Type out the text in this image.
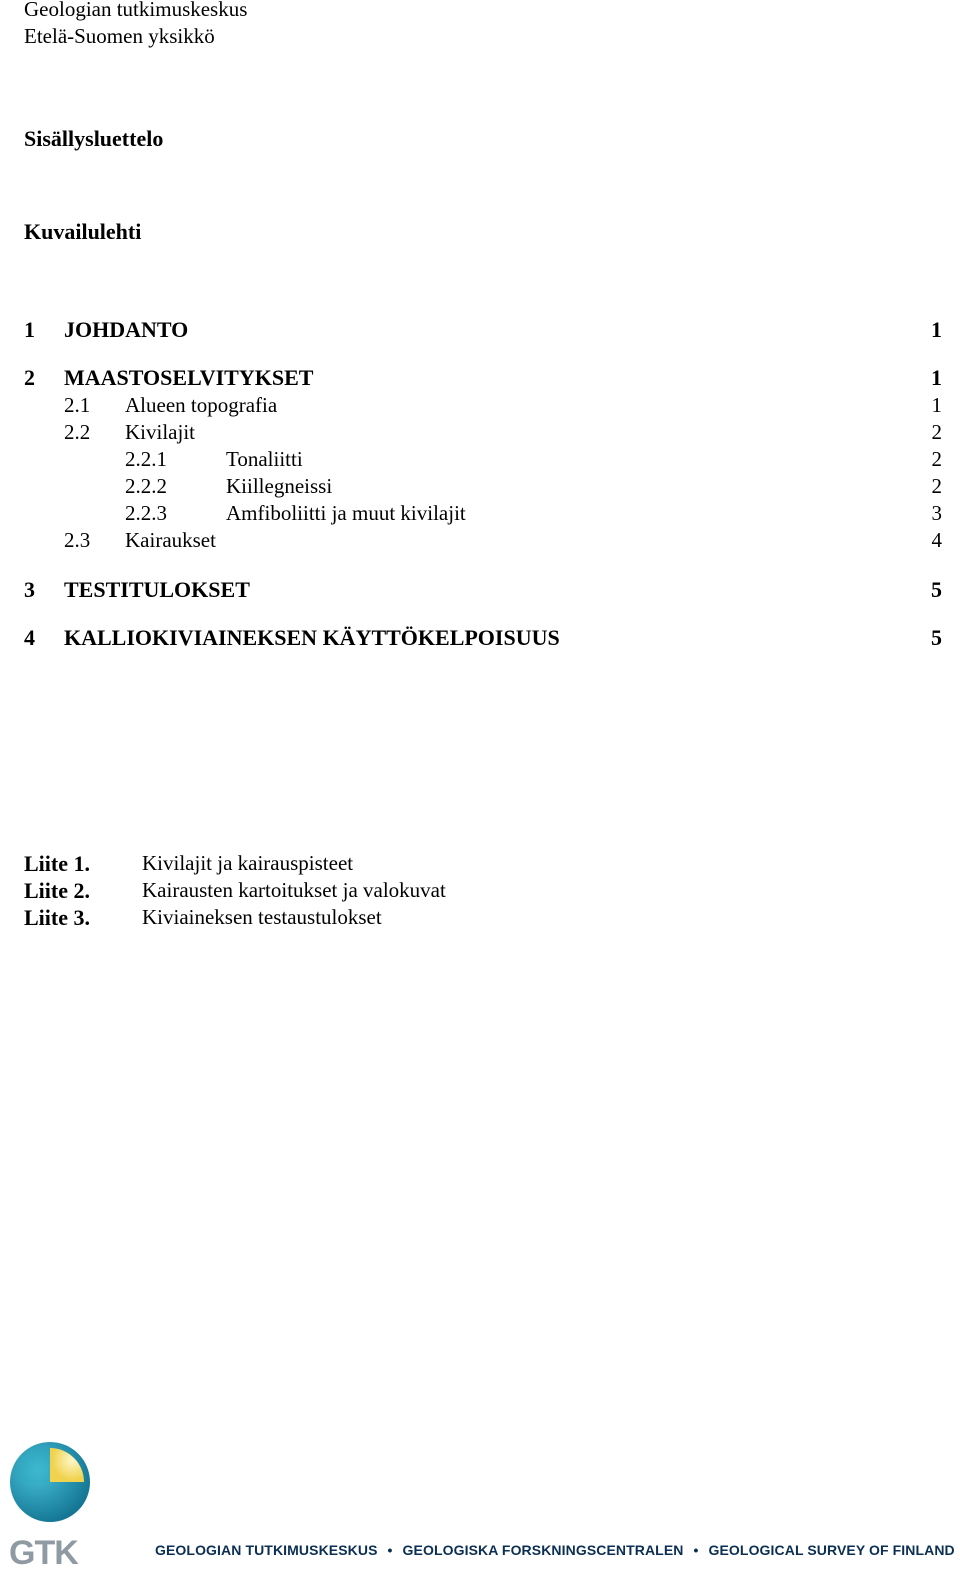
Geologian tutkimuskeskus
Etelä-Suomen yksikkö
Sisällysluettelo
Kuvailulehti
1 JOHDANTO	1
2 MAASTOSELVITYKSET	1
2.1 Alueen topografia	1
2.2 Kivilajit	2
2.2.1	Tonaliitti	2
2.2.2	Kiillegneissi	2
2.2.3	Amfiboliitti ja muut kivilajit	3
2.3 Kairaukset	4
3 TESTITULOKSET	5
4 KALLIOKIVIAINEKSEN KÄYTTÖKELPOISUUS	5
Liite 1. Kivilajit ja kairauspisteet
Liite 2. Kairausten kartoitukset ja valokuvat
Liite 3. Kiviaineksen testaustulokset
GTK	GEOLOGIAN TUTKIMUSKESKUS • GEOLOGISKA FORSKNINGSCENTRALEN • GEOLOGICAL SURVEY OF FINLAND
